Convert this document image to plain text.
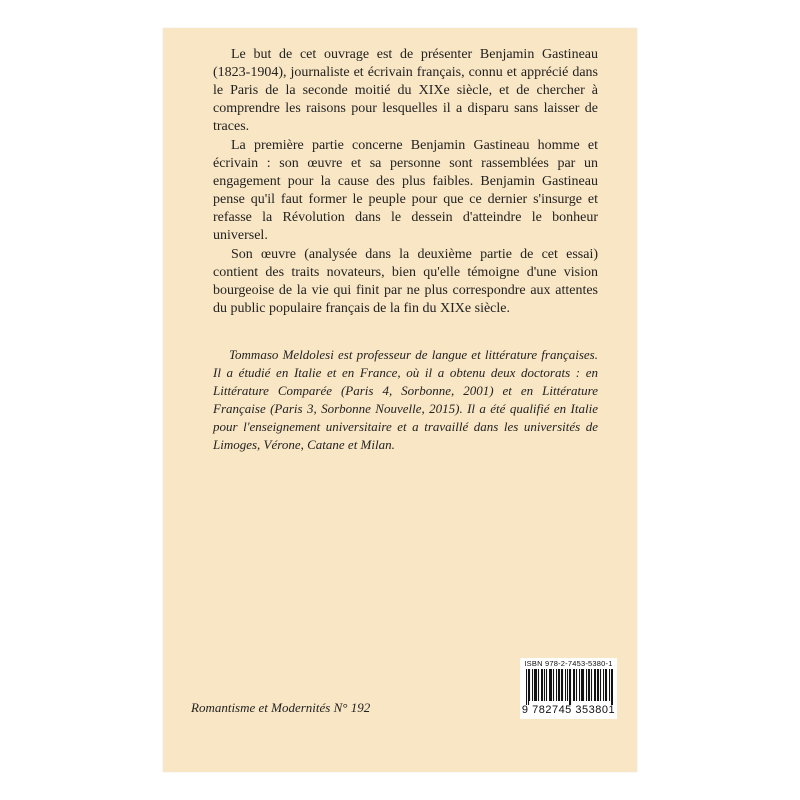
Le but de cet ouvrage est de présenter Benjamin Gastineau (1823-1904), journaliste et écrivain français, connu et apprécié dans le Paris de la seconde moitié du XIXe siècle, et de chercher à comprendre les raisons pour lesquelles il a disparu sans laisser de traces.

La première partie concerne Benjamin Gastineau homme et écrivain : son œuvre et sa personne sont rassemblées par un engagement pour la cause des plus faibles. Benjamin Gastineau pense qu'il faut former le peuple pour que ce dernier s'insurge et refasse la Révolution dans le dessein d'atteindre le bonheur universel.

Son œuvre (analysée dans la deuxième partie de cet essai) contient des traits novateurs, bien qu'elle témoigne d'une vision bourgeoise de la vie qui finit par ne plus correspondre aux attentes du public populaire français de la fin du XIXe siècle.

Tommaso Meldolesi est professeur de langue et littérature françaises. Il a étudié en Italie et en France, où il a obtenu deux doctorats : en Littérature Comparée (Paris 4, Sorbonne, 2001) et en Littérature Française (Paris 3, Sorbonne Nouvelle, 2015). Il a été qualifié en Italie pour l'enseignement universitaire et a travaillé dans les universités de Limoges, Vérone, Catane et Milan.
Romantisme et Modernités N° 192
ISBN 978-2-7453-5380-1
9 782745 353801
